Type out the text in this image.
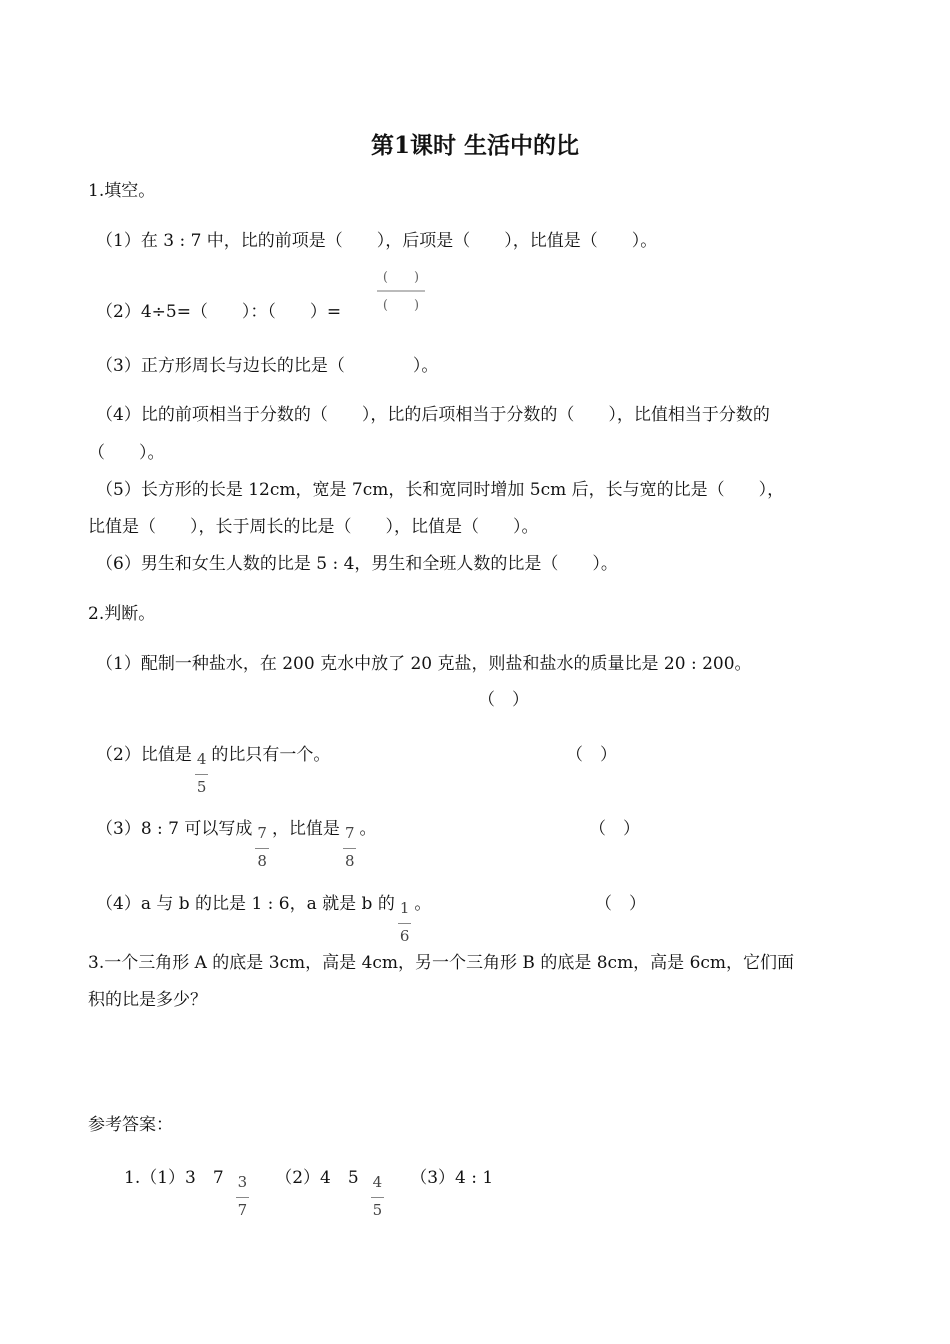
第1课时 生活中的比
1.填空。
（1）在 3 : 7 中，比的前项是（　　），后项是（　　），比值是（　　）。
（2）4÷5=（　　）：（　　）=
(　　)
(　　)
（3）正方形周长与边长的比是（　　　　）。
（4）比的前项相当于分数的（　　），比的后项相当于分数的（　　），比值相当于分数的
（　　）。
（5）长方形的长是 12cm，宽是 7cm，长和宽同时增加 5cm 后，长与宽的比是（　　），
比值是（　　），长于周长的比是（　　），比值是（　　）。
（6）男生和女生人数的比是 5 : 4，男生和全班人数的比是（　　）。
2.判断。
（1）配制一种盐水，在 200 克水中放了 20 克盐，则盐和盐水的质量比是 20 : 200。
（　）
（2）比值是 $\frac{4}{5}$ 的比只有一个。	（　）
（3）8 : 7 可以写成 $\frac{7}{8}$ ，比值是 $\frac{7}{8}$ 。	（　）
（4）a 与 b 的比是 1 : 6，a 就是 b 的 $\frac{1}{6}$ 。	（　）
3.一个三角形 A 的底是 3cm，高是 4cm，另一个三角形 B 的底是 8cm，高是 6cm，它们面
积的比是多少？
参考答案：
1.（1）3　$7 \frac{3}{7} (2)4$　$5 \frac{4}{5} (3)4$ : 1
